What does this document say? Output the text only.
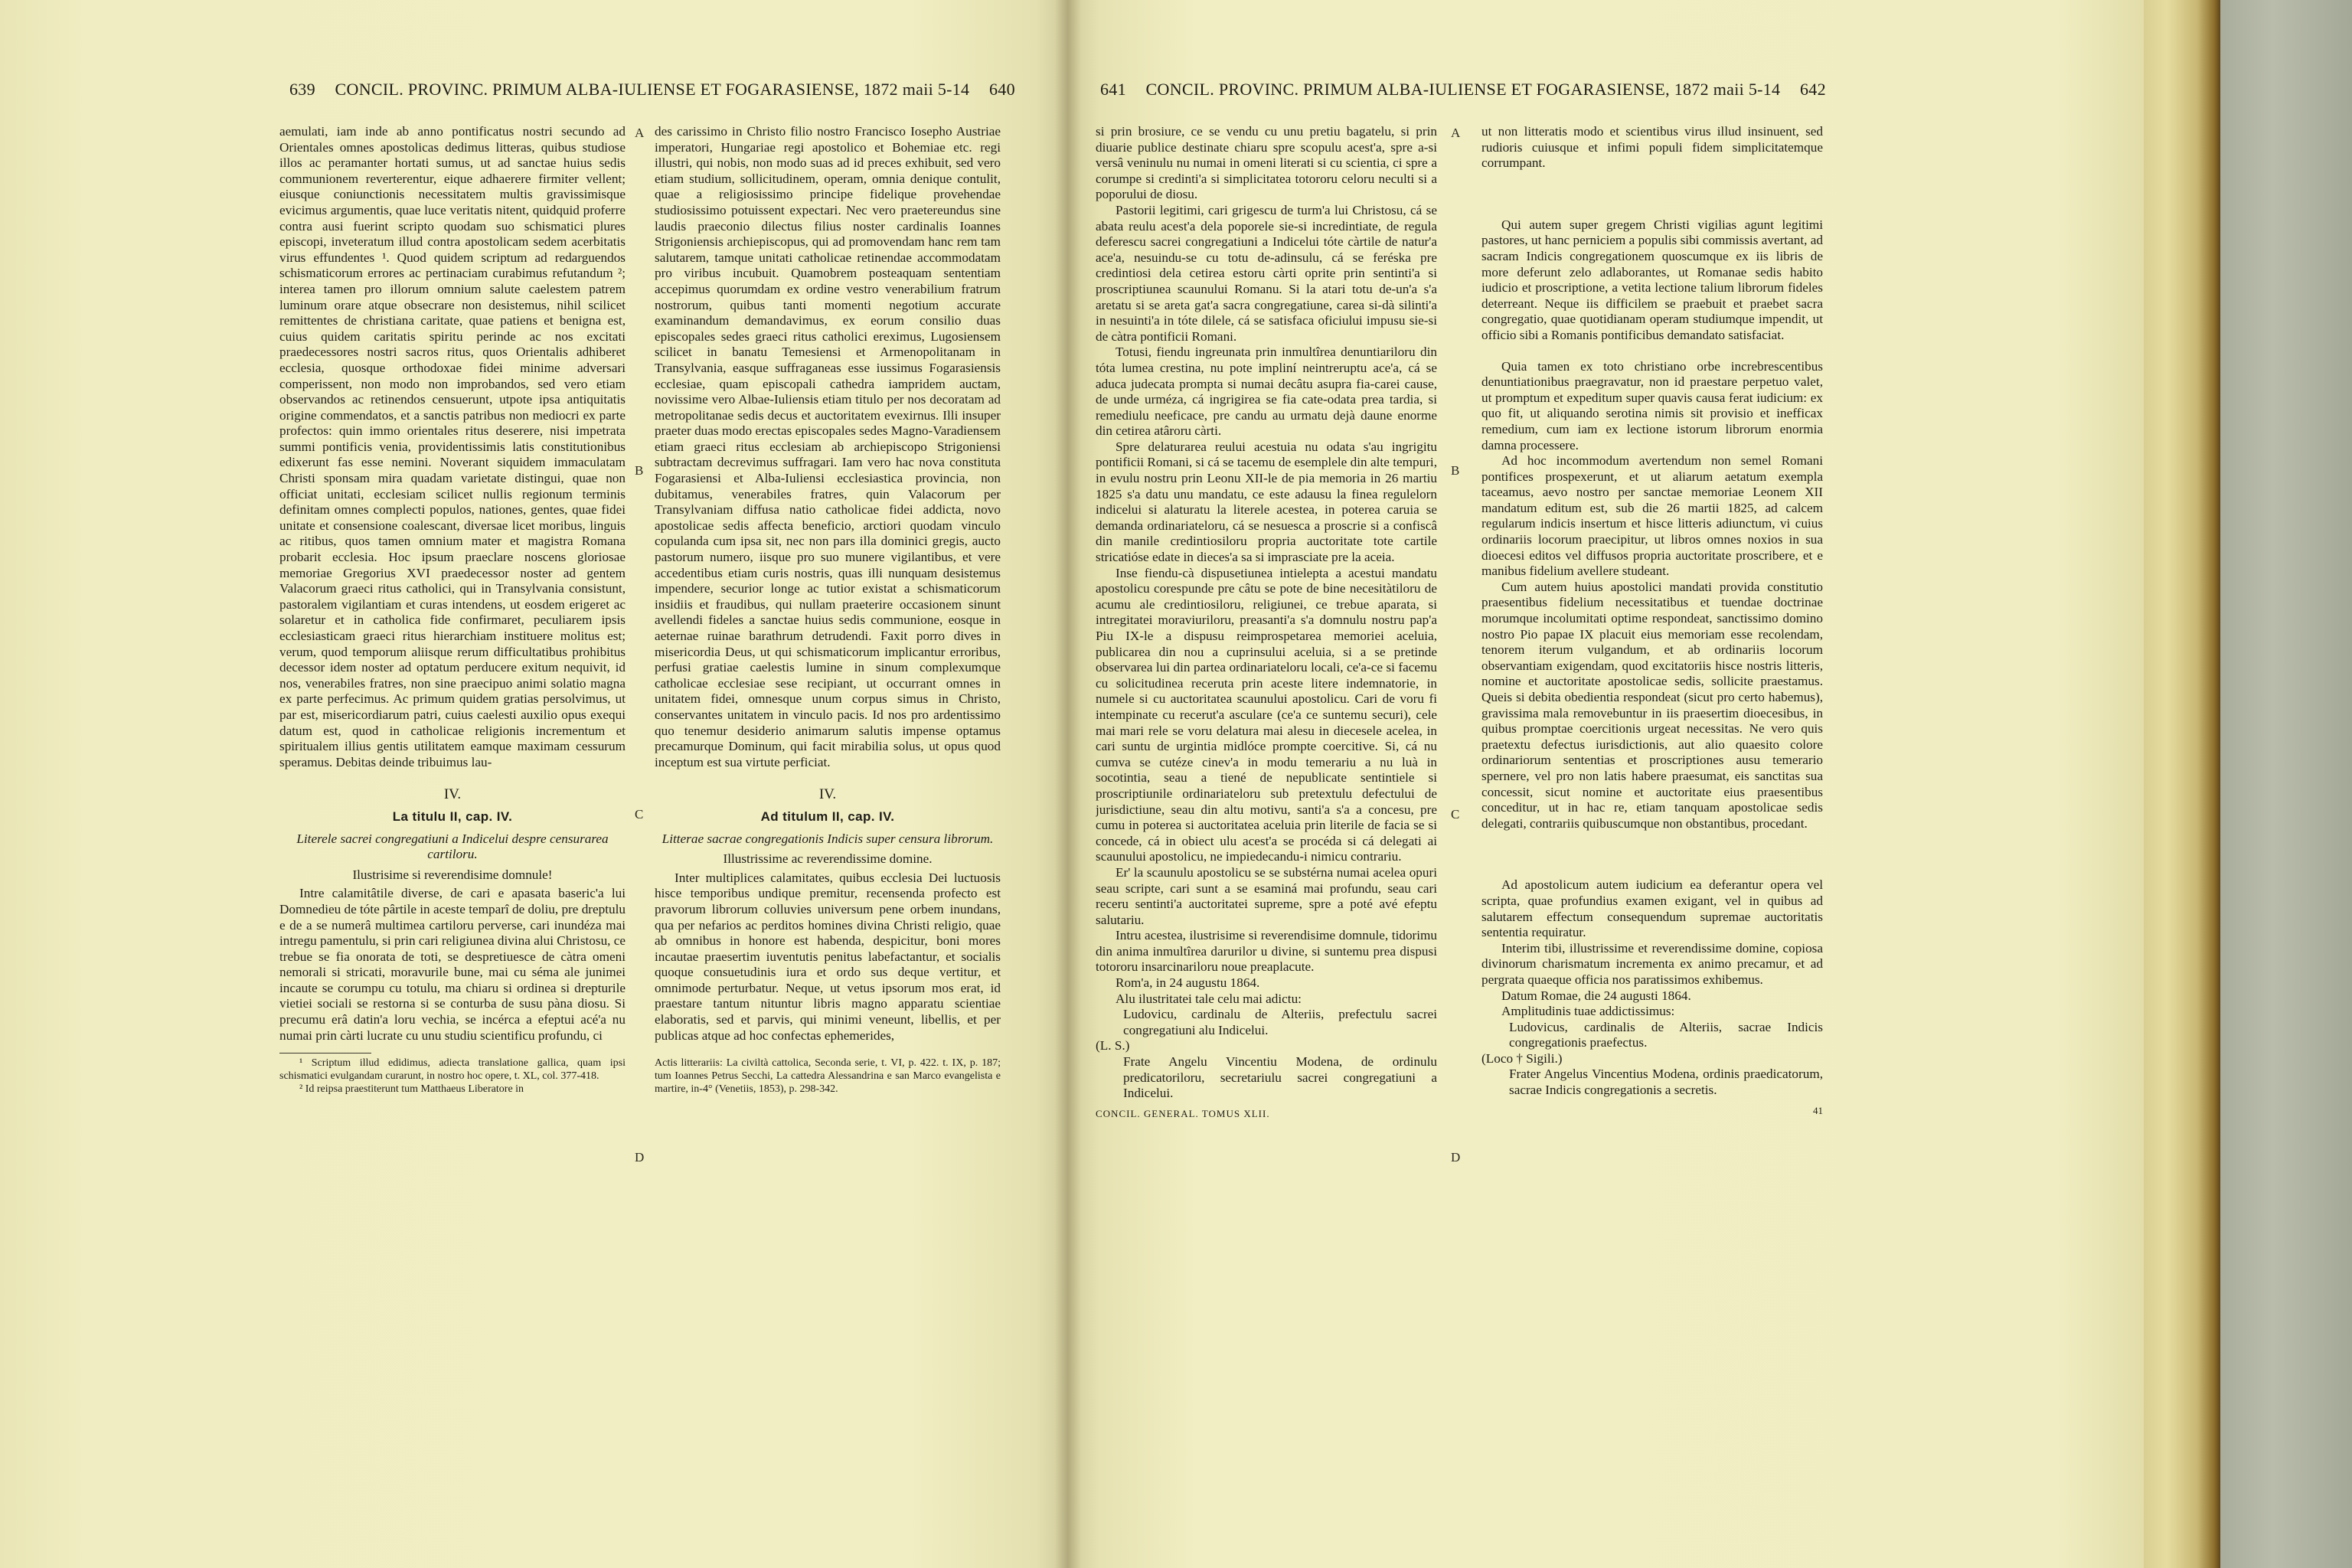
639 CONCIL. PROVINC. PRIMUM ALBA-IULIENSE ET FOGARASIENSE, 1872 maii 5-14 640

aemulati, iam inde ab anno pontificatus nostri secundo ad Orientales omnes apostolicas dedimus litteras, quibus studiose illos ac peramanter hortati sumus, ut ad sanctae huius sedis communionem reverterentur, eique adhaerere firmiter vellent; eiusque coniunctionis necessitatem multis gravissimisque evicimus argumentis, quae luce veritatis nitent, quidquid proferre contra ausi fuerint scripto quodam suo schismatici plures episcopi, inveteratum illud contra apostolicam sedem acerbitatis virus effundentes ¹. Quod quidem scriptum ad redarguendos schismaticorum errores ac pertinaciam curabimus refutandum ²; interea tamen pro illorum omnium salute caelestem patrem luminum orare atque obsecrare non desistemus, nihil scilicet remittentes de christiana caritate, quae patiens et benigna est, cuius quidem caritatis spiritu perinde ac nos excitati praedecessores nostri sacros ritus, quos Orientalis adhiberet ecclesia, quosque orthodoxae fidei minime adversari comperissent, non modo non improbandos, sed vero etiam observandos ac retinendos censuerunt, utpote ipsa antiquitatis origine commendatos, et a sanctis patribus non mediocri ex parte profectos: quin immo orientales ritus deserere, nisi impetrata summi pontificis venia, providentissimis latis constitutionibus edixerunt fas esse nemini. Noverant siquidem immaculatam Christi sponsam mira quadam varietate distingui, quae non officiat unitati, ecclesiam scilicet nullis regionum terminis definitam omnes complecti populos, nationes, gentes, quae fidei unitate et consensione coalescant, diversae licet moribus, linguis ac ritibus, quos tamen omnium mater et magistra Romana probarit ecclesia. Hoc ipsum praeclare noscens gloriosae memoriae Gregorius XVI praedecessor noster ad gentem Valacorum graeci ritus catholici, qui in Transylvania consistunt, pastoralem vigilantiam et curas intendens, ut eosdem erigeret ac solaretur et in catholica fide confirmaret, peculiarem ipsis ecclesiasticam graeci ritus hierarchiam instituere molitus est; verum, quod temporum aliisque rerum difficultatibus prohibitus decessor idem noster ad optatum perducere exitum nequivit, id nos, venerabiles fratres, non sine praecipuo animi solatio magna ex parte perfecimus. Ac primum quidem gratias persolvimus, ut par est, misericordiarum patri, cuius caelesti auxilio opus exequi datum est, quod in catholicae religionis incrementum et spiritualem illius gentis utilitatem eamque maximam cessurum speramus. Debitas deinde tribuimus lau-

IV.
La titulu II, cap. IV.
Literele sacrei congregatiuni a Indicelui despre censurarea cartiloru.
Ilustrisime si reverendisime domnule!

Intre calamitâtile diverse, de cari e apasata baseric'a lui Domnedieu de tóte pârtile in aceste temparî de doliu, pre dreptulu e de a se numerâ multimea cartiloru perverse, cari inundéza mai intregu pamentulu, si prin cari religiunea divina alui Christosu, ce trebue se fia onorata de toti, se despretiuesce de càtra omeni nemorali si stricati, moravurile bune, mai cu séma ale junimei incaute se corumpu cu totulu, ma chiaru si ordinea si drepturile vietiei sociali se restorna si se conturba de susu pàna diosu. Si precumu erâ datin'a loru vechia, se incérca a efeptui acé'a nu numai prin càrti lucrate cu unu studiu scientificu profundu, ci

¹ Scriptum illud edidimus, adiecta translatione gallica, quam ipsi schismatici evulgandam curarunt, in nostro hoc opere, t. XL, col. 377-418.

² Id reipsa praestiterunt tum Matthaeus Liberatore in

des carissimo in Christo filio nostro Francisco Iosepho Austriae imperatori, Hungariae regi apostolico et Bohemiae etc. regi illustri, qui nobis, non modo suas ad id preces exhibuit, sed vero etiam studium, sollicitudinem, operam, omnia denique contulit, quae a religiosissimo principe fidelique provehendae studiosissimo potuissent expectari. Nec vero praetereundus sine laudis praeconio dilectus filius noster cardinalis Ioannes Strigoniensis archiepiscopus, qui ad promovendam hanc rem tam salutarem, tamque unitati catholicae retinendae accommodatam pro viribus incubuit. Quamobrem posteaquam sententiam accepimus quorumdam ex ordine vestro venerabilium fratrum nostrorum, quibus tanti momenti negotium accurate examinandum demandavimus, ex eorum consilio duas episcopales sedes graeci ritus catholici ereximus, Lugosiensem scilicet in banatu Temesiensi et Armenopolitanam in Transylvania, easque suffraganeas esse iussimus Fogarasiensis ecclesiae, quam episcopali cathedra iampridem auctam, novissime vero Albae-Iuliensis etiam titulo per nos decoratam ad metropolitanae sedis decus et auctoritatem evexirnus. Illi insuper praeter duas modo erectas episcopales sedes Magno-Varadiensem etiam graeci ritus ecclesiam ab archiepiscopo Strigoniensi subtractam decrevimus suffragari. Iam vero hac nova constituta Fogarasiensi et Alba-Iuliensi ecclesiastica provincia, non dubitamus, venerabiles fratres, quin Valacorum per Transylvaniam diffusa natio catholicae fidei addicta, novo apostolicae sedis affecta beneficio, arctiori quodam vinculo copulanda cum ipsa sit, nec non pars illa dominici gregis, aucto pastorum numero, iisque pro suo munere vigilantibus, et vere accedentibus etiam curis nostris, quas illi nunquam desistemus impendere, securior longe ac tutior existat a schismaticorum insidiis et fraudibus, qui nullam praeterire occasionem sinunt avellendi fideles a sanctae huius sedis communione, eosque in aeternae ruinae barathrum detrudendi. Faxit porro dives in misericordia Deus, ut qui schismaticorum implicantur erroribus, perfusi gratiae caelestis lumine in sinum complexumque catholicae ecclesiae sese recipiant, ut occurrant omnes in unitatem fidei, omnesque unum corpus simus in Christo, conservantes unitatem in vinculo pacis. Id nos pro ardentissimo quo tenemur desiderio animarum salutis impense optamus precamurque Dominum, qui facit mirabilia solus, ut opus quod inceptum est sua virtute perficiat.

IV.
Ad titulum II, cap. IV.
Litterae sacrae congregationis Indicis super censura librorum.
Illustrissime ac reverendissime domine.

Inter multiplices calamitates, quibus ecclesia Dei luctuosis hisce temporibus undique premitur, recensenda profecto est pravorum librorum colluvies universum pene orbem inundans, qua per nefarios ac perditos homines divina Christi religio, quae ab omnibus in honore est habenda, despicitur, boni mores incautae praesertim iuventutis penitus labefactantur, et socialis quoque consuetudinis iura et ordo sus deque vertitur, et omnimode perturbatur. Neque, ut vetus ipsorum mos erat, id praestare tantum nituntur libris magno apparatu scientiae elaboratis, sed et parvis, qui minimi veneunt, libellis, et per publicas atque ad hoc confectas ephemerides,

Actis litterariis: La civiltà cattolica, Seconda serie, t. VI, p. 422. t. IX, p. 187; tum Ioannes Petrus Secchi, La cattedra Alessandrina e san Marco evangelista e martire, in-4° (Venetiis, 1853), p. 298-342.

A
B
C
D
641 CONCIL. PROVINC. PRIMUM ALBA-IULIENSE ET FOGARASIENSE, 1872 maii 5-14 642

si prin brosiure, ce se vendu cu unu pretiu bagatelu, si prin diuarie publice destinate chiaru spre scopulu acest'a, spre a-si versâ veninulu nu numai in omeni literati si cu scientia, ci spre a corumpe si credinti'a si simplicitatea totororu celoru neculti si a poporului de diosu.

Pastorii legitimi, cari grigescu de turm'a lui Christosu, cá se abata reulu acest'a dela poporele sie-si incredintiate, de regula deferescu sacrei congregatiuni a Indicelui tóte càrtile de natur'a ace'a, nesuindu-se cu totu de-adinsulu, cá se feréska pre credintiosi dela cetirea estoru càrti oprite prin sentinti'a si proscriptiunea scaunului Romanu. Si la atari totu de-un'a s'a aretatu si se areta gat'a sacra congregatiune, carea si-dà silinti'a in nesuinti'a in tóte dilele, cá se satisfaca oficiului impusu sie-si de càtra pontificii Romani.

Totusi, fiendu ingreunata prin inmultîrea denuntiariloru din tóta lumea crestina, nu pote impliní neintreruptu ace'a, cá se aduca judecata prompta si numai decâtu asupra fia-carei cause, de unde urméza, cá ingrigirea se fia cate-odata prea tardia, si remediulu neeficace, pre candu au urmatu dejà daune enorme din cetirea atâroru càrti.

Spre delaturarea reului acestuia nu odata s'au ingrigitu pontificii Romani, si cá se tacemu de esemplele din alte tempuri, in evulu nostru prin Leonu XII-le de pia memoria in 26 martiu 1825 s'a datu unu mandatu, ce este adausu la finea regulelorn indicelui si alaturatu la literele acestea, in poterea caruia se demanda ordinariateloru, cá se nesuesca a proscrie si a confiscâ din manile credintiosiloru propria auctoritate tote cartile stricatióse edate in dieces'a sa si imprasciate pre la aceia.

Inse fiendu-cà dispusetiunea intielepta a acestui mandatu apostolicu corespunde pre câtu se pote de bine necesitàtiloru de acumu ale credintiosiloru, religiunei, ce trebue aparata, si intregitatei moraviuriloru, preasanti'a s'a domnulu nostru pap'a Piu IX-le a dispusu reimprospetarea memoriei aceluia, publicarea din nou a cuprinsului aceluia, si a se pretinde observarea lui din partea ordinariateloru locali, ce'a-ce si facemu cu solicitudinea receruta prin aceste litere indemnatorie, in numele si cu auctoritatea scaunului apostolicu. Cari de voru fi intempinate cu recerut'a asculare (ce'a ce suntemu securi), cele mai mari rele se voru delatura mai alesu in diecesele acelea, in cari suntu de urgintia midlóce prompte coercitive. Si, cá nu cumva se cutéze cinev'a in modu temerariu a nu luà in socotintia, seau a tiené de nepublicate sentintiele si proscriptiunile ordinariateloru sub pretextulu defectului de jurisdictiune, seau din altu motivu, santi'a s'a a concesu, pre cumu in poterea si auctoritatea aceluia prin literile de facia se si concede, cá in obiect ulu acest'a se procéda si cá delegati ai scaunului apostolicu, ne impiedecandu-i nimicu contrariu.

Er' la scaunulu apostolicu se se substérna numai acelea opuri seau scripte, cari sunt a se esaminá mai profundu, seau cari receru sentinti'a auctoritatei supreme, spre a poté avé efeptu salutariu.

Intru acestea, ilustrisime si reverendisime domnule, tidorimu din anima inmultîrea darurilor u divine, si suntemu prea dispusi totororu insarcinariloru noue preaplacute.

Rom'a, in 24 augustu 1864.

Alu ilustritatei tale celu mai adictu:

Ludovicu, cardinalu de Alteriis, prefectulu sacrei congregatiuni alu Indicelui.

(L. S.)

Frate Angelu Vincentiu Modena, de ordinulu predicatoriloru, secretariulu sacrei congregatiuni a Indicelui.

CONCIL. GENERAL. TOMUS XLII.

ut non litteratis modo et scientibus virus illud insinuent, sed rudioris cuiusque et infimi populi fidem simplicitatemque corrumpant.

Qui autem super gregem Christi vigilias agunt legitimi pastores, ut hanc perniciem a populis sibi commissis avertant, ad sacram Indicis congregationem quoscumque ex iis libris de more deferunt zelo adlaborantes, ut Romanae sedis habito iudicio et proscriptione, a vetita lectione talium librorum fideles deterreant. Neque iis difficilem se praebuit et praebet sacra congregatio, quae quotidianam operam studiumque impendit, ut officio sibi a Romanis pontificibus demandato satisfaciat.

Quia tamen ex toto christiano orbe increbrescentibus denuntiationibus praegravatur, non id praestare perpetuo valet, ut promptum et expeditum super quavis causa ferat iudicium: ex quo fit, ut aliquando serotina nimis sit provisio et inefficax remedium, cum iam ex lectione istorum librorum enormia damna processere.

Ad hoc incommodum avertendum non semel Romani pontifices prospexerunt, et ut aliarum aetatum exempla taceamus, aevo nostro per sanctae memoriae Leonem XII mandatum editum est, sub die 26 martii 1825, ad calcem regularum indicis insertum et hisce litteris adiunctum, vi cuius ordinariis locorum praecipitur, ut libros omnes noxios in sua dioecesi editos vel diffusos propria auctoritate proscribere, et e manibus fidelium avellere studeant.

Cum autem huius apostolici mandati provida constitutio praesentibus fidelium necessitatibus et tuendae doctrinae morumque incolumitati optime respondeat, sanctissimo domino nostro Pio papae IX placuit eius memoriam esse recolendam, tenorem iterum vulgandum, et ab ordinariis locorum observantiam exigendam, quod excitatoriis hisce nostris litteris, nomine et auctoritate apostolicae sedis, sollicite praestamus. Queis si debita obedientia respondeat (sicut pro certo habemus), gravissima mala removebuntur in iis praesertim dioecesibus, in quibus promptae coercitionis urgeat necessitas. Ne vero quis praetextu defectus iurisdictionis, aut alio quaesito colore ordinariorum sententias et proscriptiones ausu temerario spernere, vel pro non latis habere praesumat, eis sanctitas sua concessit, sicut nomine et auctoritate eius praesentibus conceditur, ut in hac re, etiam tanquam apostolicae sedis delegati, contrariis quibuscumque non obstantibus, procedant.

Ad apostolicum autem iudicium ea deferantur opera vel scripta, quae profundius examen exigant, vel in quibus ad salutarem effectum consequendum supremae auctoritatis sententia requiratur.

Interim tibi, illustrissime et reverendissime domine, copiosa divinorum charismatum incrementa ex animo precamur, et ad pergrata quaeque officia nos paratissimos exhibemus.

Datum Romae, die 24 augusti 1864.

Amplitudinis tuae addictissimus:

Ludovicus, cardinalis de Alteriis, sacrae Indicis congregationis praefectus.

(Loco † Sigili.)

Frater Angelus Vincentius Modena, ordinis praedicatorum, sacrae Indicis congregationis a secretis.

41

A
B
C
D
